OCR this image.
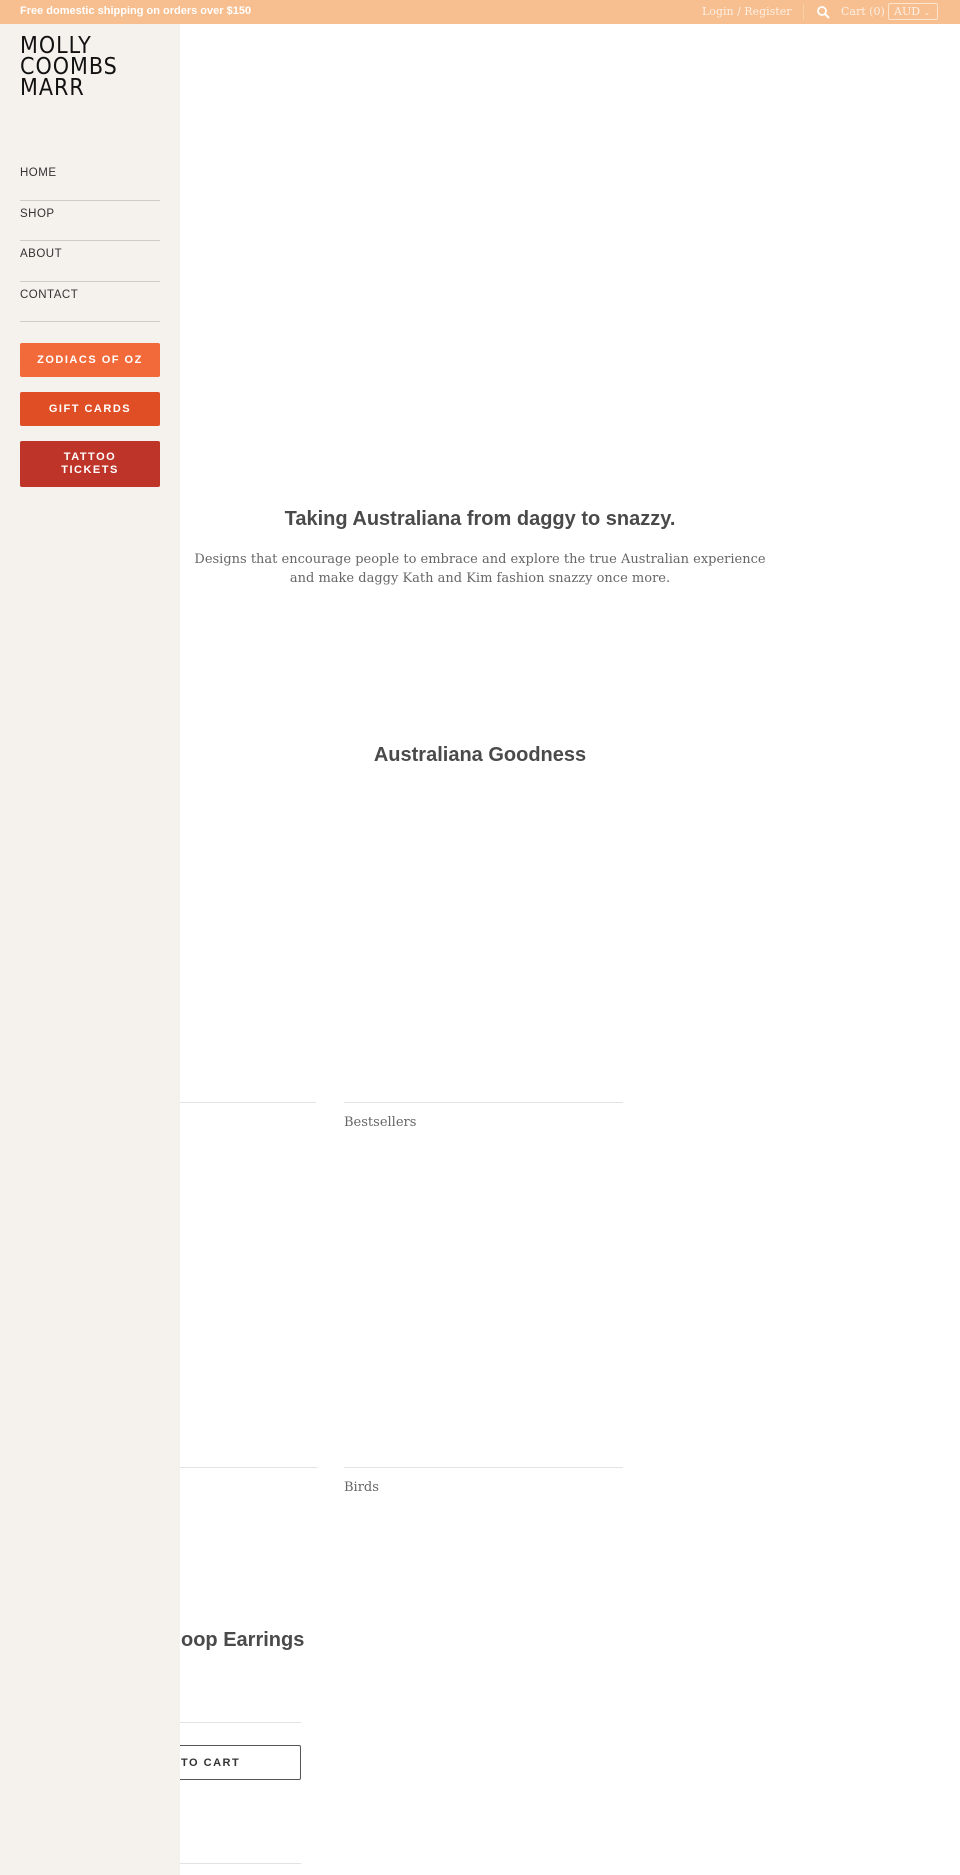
Free domestic shipping on orders over $150	Login / Register	Cart (0) AUD ⌄
MOLLY
COOMBS
MARR
HOME
SHOP
ABOUT
CONTACT
ZODIACS OF OZ
GIFT CARDS
TATTOO TICKETS
Taking Australiana from daggy to snazzy.
Designs that encourage people to embrace and explore the true Australian experience and make daggy Kath and Kim fashion snazzy once more.
Australiana Goodness
Bestsellers
Birds
oop Earrings
TO CART
